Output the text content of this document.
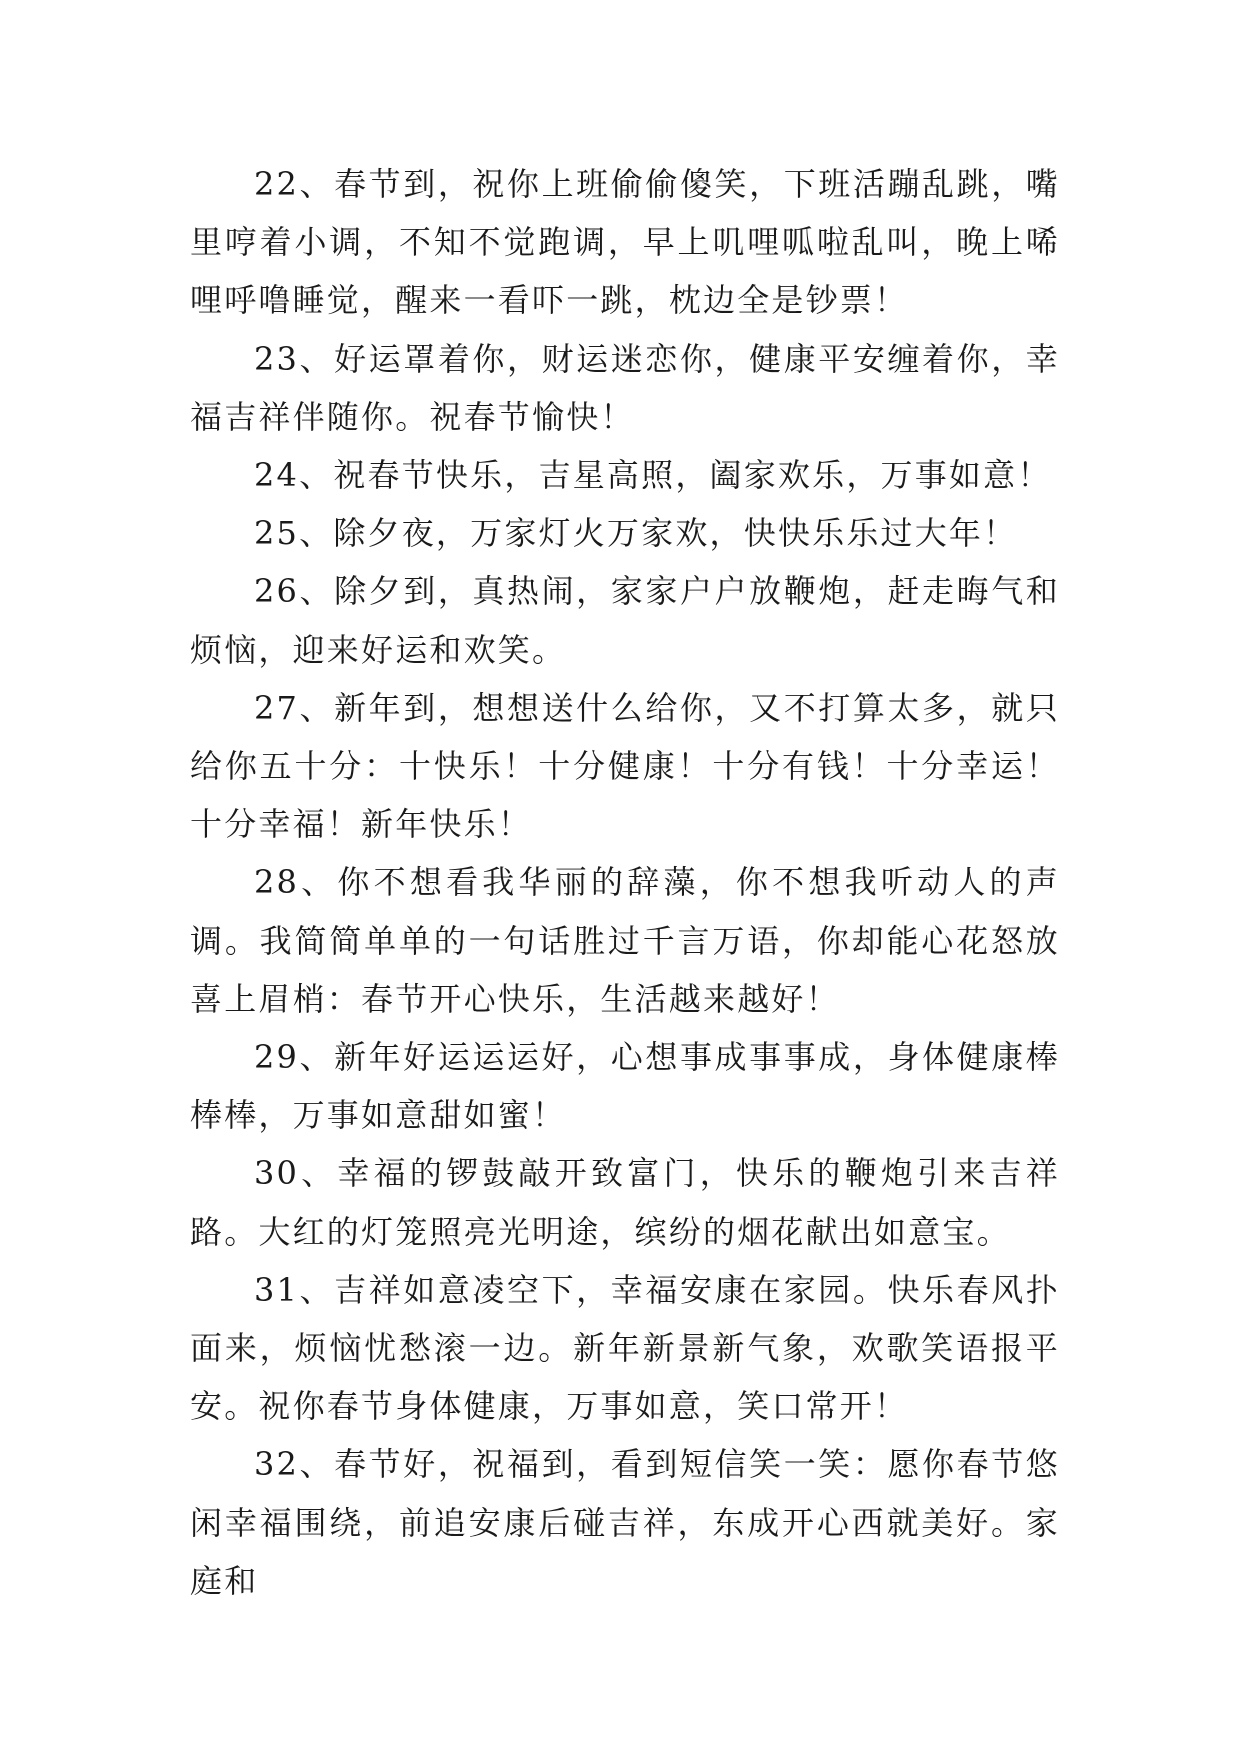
22、春节到，祝你上班偷偷傻笑，下班活蹦乱跳，嘴里哼着小调，不知不觉跑调，早上叽哩呱啦乱叫，晚上唏哩呼噜睡觉，醒来一看吓一跳，枕边全是钞票！

23、好运罩着你，财运迷恋你，健康平安缠着你，幸福吉祥伴随你。祝春节愉快！

24、祝春节快乐，吉星高照，阖家欢乐，万事如意！

25、除夕夜，万家灯火万家欢，快快乐乐过大年！

26、除夕到，真热闹，家家户户放鞭炮，赶走晦气和烦恼，迎来好运和欢笑。

27、新年到，想想送什么给你，又不打算太多，就只给你五十分：十快乐！十分健康！十分有钱！十分幸运！十分幸福！新年快乐！

28、你不想看我华丽的辞藻，你不想我听动人的声调。我简简单单的一句话胜过千言万语，你却能心花怒放喜上眉梢：春节开心快乐，生活越来越好！

29、新年好运运运好，心想事成事事成，身体健康棒棒棒，万事如意甜如蜜！

30、幸福的锣鼓敲开致富门，快乐的鞭炮引来吉祥路。大红的灯笼照亮光明途，缤纷的烟花献出如意宝。

31、吉祥如意凌空下，幸福安康在家园。快乐春风扑面来，烦恼忧愁滚一边。新年新景新气象，欢歌笑语报平安。祝你春节身体健康，万事如意，笑口常开！

32、春节好，祝福到，看到短信笑一笑：愿你春节悠闲幸福围绕，前追安康后碰吉祥，东成开心西就美好。家庭和
